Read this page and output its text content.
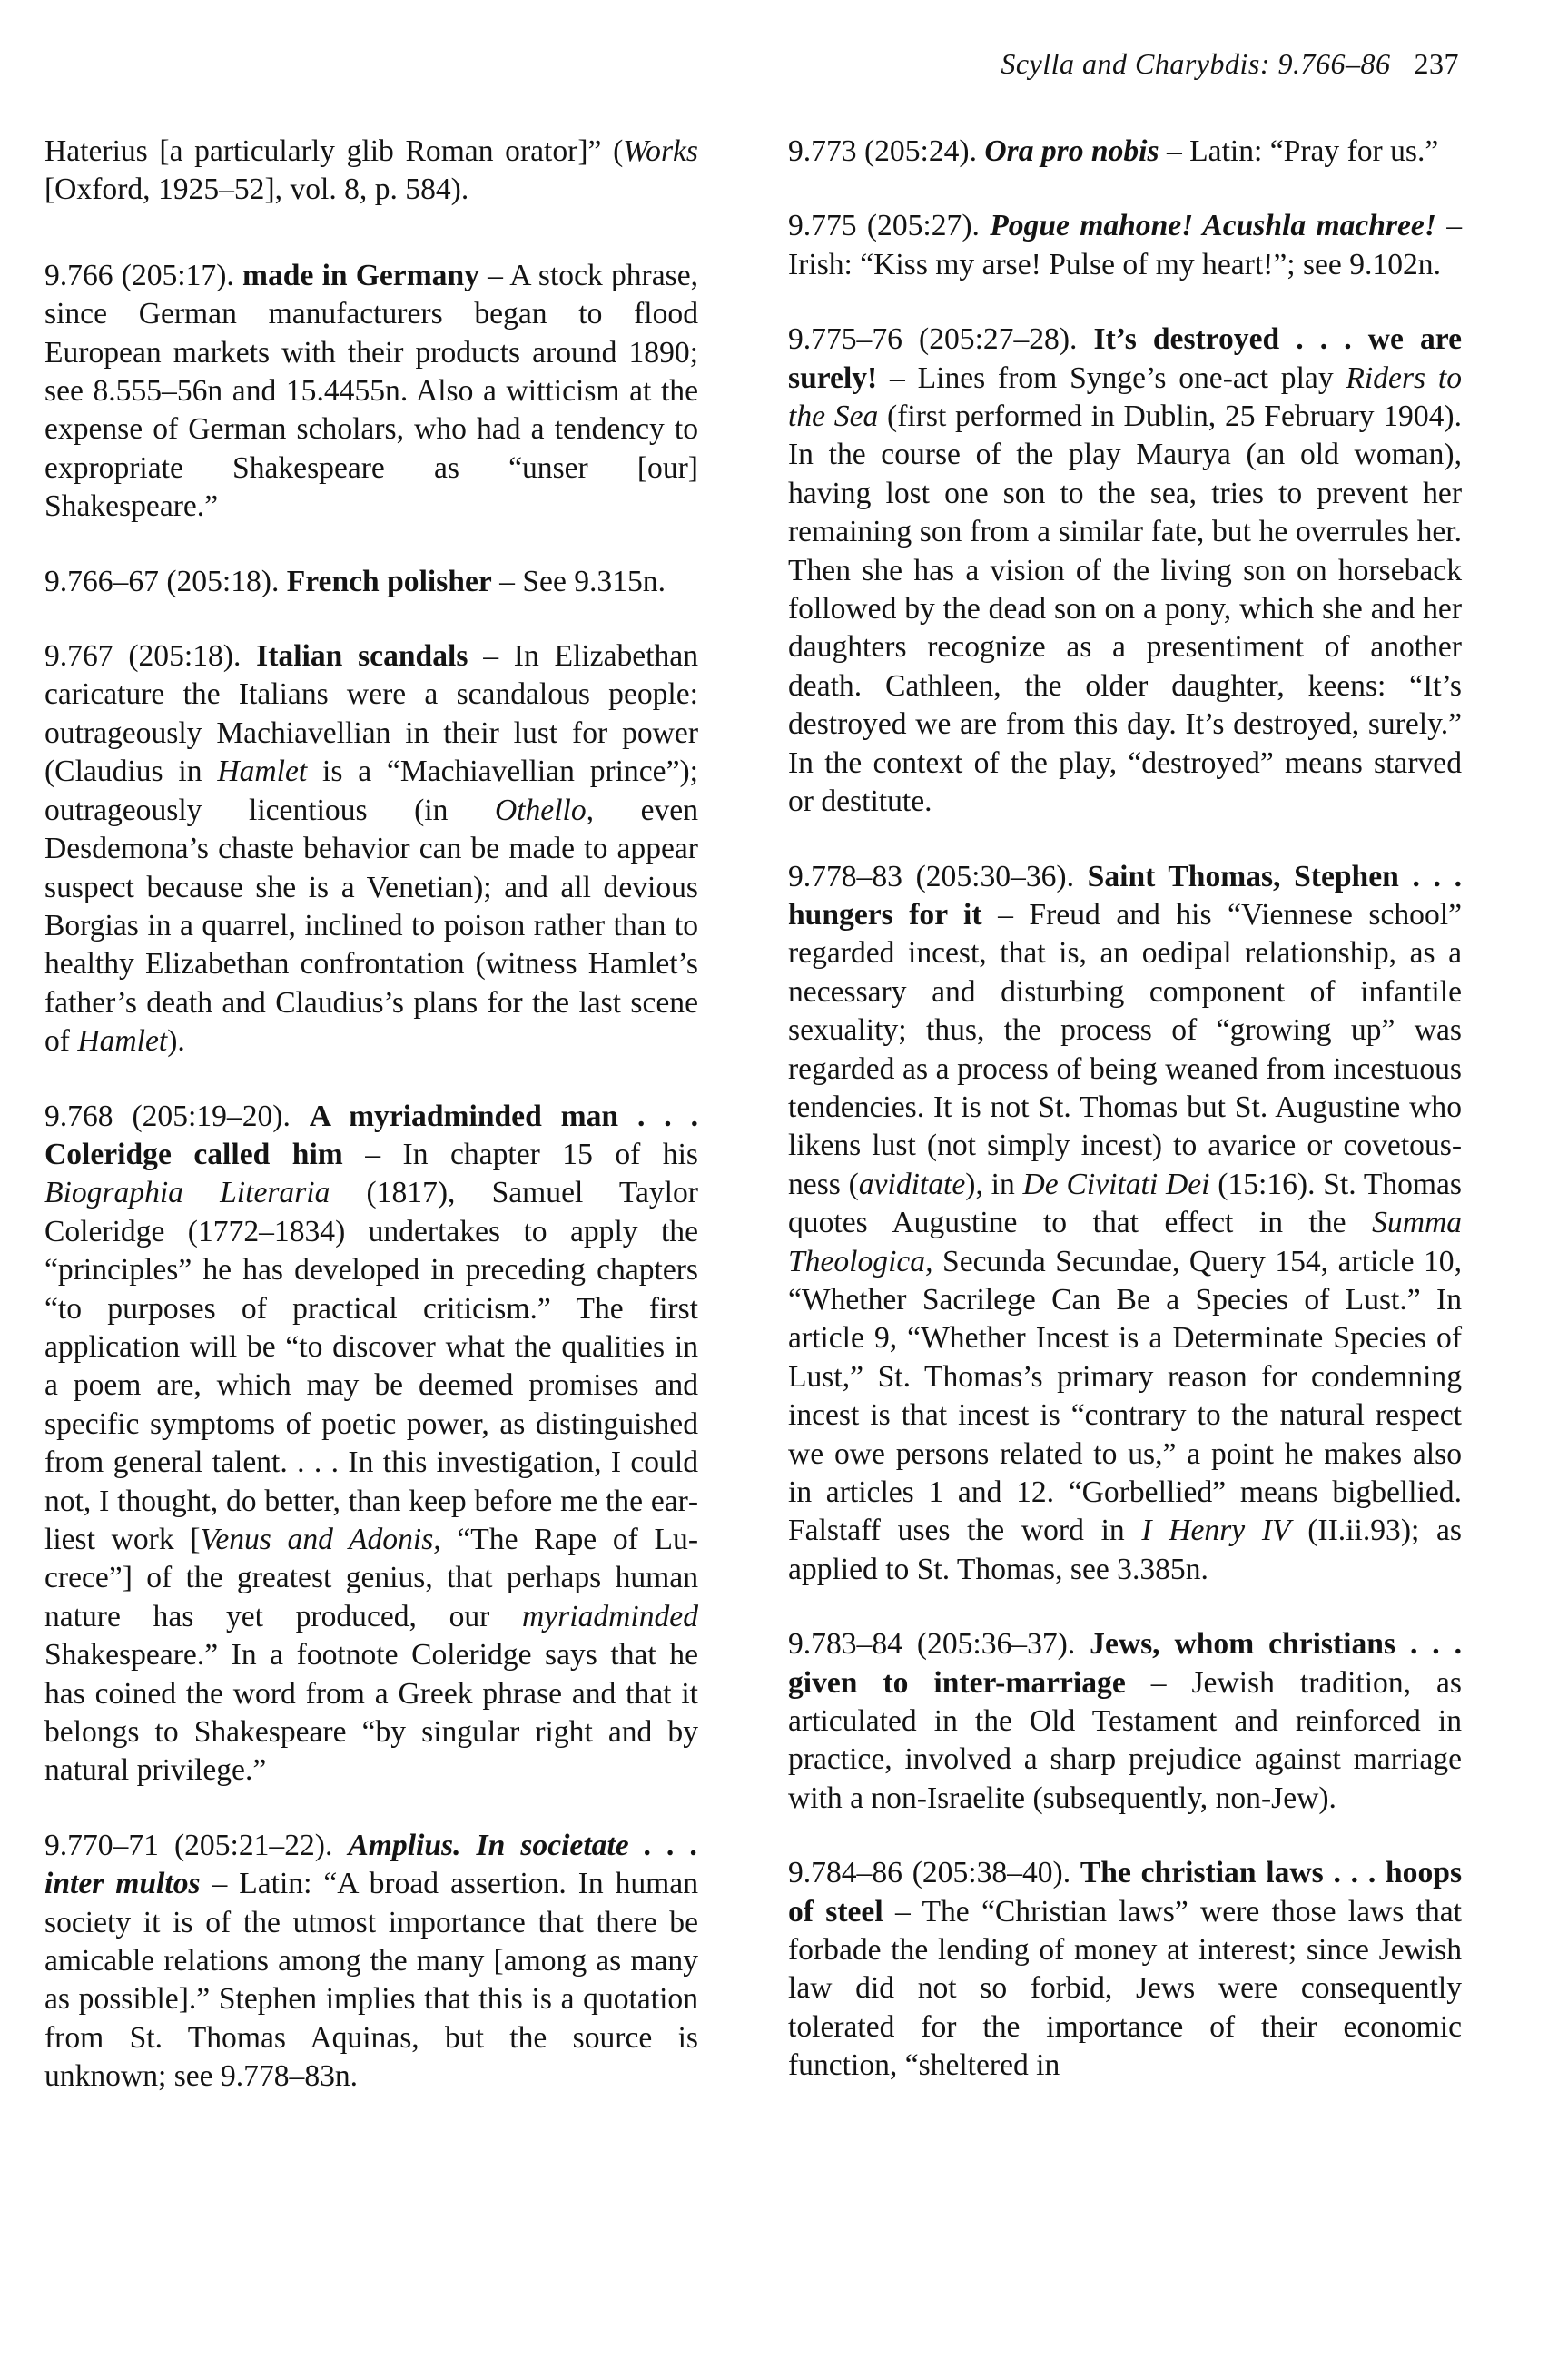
Scylla and Charybdis: 9.766–86 237

Haterius [a particularly glib Roman orator]” (Works [Oxford, 1925–52], vol. 8, p. 584).

9.766 (205:17). made in Germany – A stock phrase, since German manufacturers began to flood European markets with their products around 1890; see 8.555–56n and 15.4455n. Also a witticism at the expense of German scholars, who had a tendency to expropriate Shakespeare as “unser [our] Shakespeare.”

9.766–67 (205:18). French polisher – See 9.315n.

9.767 (205:18). Italian scandals – In Elizabethan caricature the Italians were a scandalous people: outrageously Machiavellian in their lust for power (Claudius in Hamlet is a “Machiavellian prince”); outrageously licentious (in Othello, even Desdemona’s chaste behavior can be made to appear suspect because she is a Venetian); and all devious Borgias in a quarrel, inclined to poison rather than to healthy Elizabethan confrontation (witness Hamlet’s father’s death and Claudius’s plans for the last scene of Hamlet).

9.768 (205:19–20). A myriadminded man . . . Coleridge called him – In chapter 15 of his Biographia Literaria (1817), Samuel Taylor Coleridge (1772–1834) undertakes to apply the “principles” he has developed in preceding chapters “to purposes of practical criticism.” The first application will be “to discover what the qualities in a poem are, which may be deemed promises and specific symptoms of poetic power, as distinguished from general talent. . . . In this investigation, I could not, I thought, do better, than keep before me the earliest work [Venus and Adonis, “The Rape of Lucrece”] of the greatest genius, that perhaps human nature has yet produced, our myriadminded Shakespeare.” In a footnote Coleridge says that he has coined the word from a Greek phrase and that it belongs to Shakespeare “by singular right and by natural privilege.”

9.770–71 (205:21–22). Amplius. In societate . . . inter multos – Latin: “A broad assertion. In human society it is of the utmost importance that there be amicable relations among the many [among as many as possible].” Stephen implies that this is a quotation from St. Thomas Aquinas, but the source is unknown; see 9.778–83n.

9.773 (205:24). Ora pro nobis – Latin: “Pray for us.”

9.775 (205:27). Pogue mahone! Acushla machree! – Irish: “Kiss my arse! Pulse of my heart!”; see 9.102n.

9.775–76 (205:27–28). It’s destroyed . . . we are surely! – Lines from Synge’s one-act play Riders to the Sea (first performed in Dublin, 25 February 1904). In the course of the play Maurya (an old woman), having lost one son to the sea, tries to prevent her remaining son from a similar fate, but he overrules her. Then she has a vision of the living son on horseback followed by the dead son on a pony, which she and her daughters recognize as a presentiment of another death. Cathleen, the older daughter, keens: “It’s destroyed we are from this day. It’s destroyed, surely.” In the context of the play, “destroyed” means starved or destitute.

9.778–83 (205:30–36). Saint Thomas, Stephen . . . hungers for it – Freud and his “Viennese school” regarded incest, that is, an oedipal relationship, as a necessary and disturbing component of infantile sexuality; thus, the process of “growing up” was regarded as a process of being weaned from incestuous tendencies. It is not St. Thomas but St. Augustine who likens lust (not simply incest) to avarice or covetousness (aviditate), in De Civitati Dei (15:16). St. Thomas quotes Augustine to that effect in the Summa Theologica, Secunda Secundae, Query 154, article 10, “Whether Sacrilege Can Be a Species of Lust.” In article 9, “Whether Incest is a Determinate Species of Lust,” St. Thomas’s primary reason for condemning incest is that incest is “contrary to the natural respect we owe persons related to us,” a point he makes also in articles 1 and 12. “Gorbellied” means bigbellied. Falstaff uses the word in I Henry IV (II.ii.93); as applied to St. Thomas, see 3.385n.

9.783–84 (205:36–37). Jews, whom christians . . . given to inter-marriage – Jewish tradition, as articulated in the Old Testament and reinforced in practice, involved a sharp prejudice against marriage with a non-Israelite (subsequently, non-Jew).

9.784–86 (205:38–40). The christian laws . . . hoops of steel – The “Christian laws” were those laws that forbade the lending of money at interest; since Jewish law did not so forbid, Jews were consequently tolerated for the importance of their economic function, “sheltered in
